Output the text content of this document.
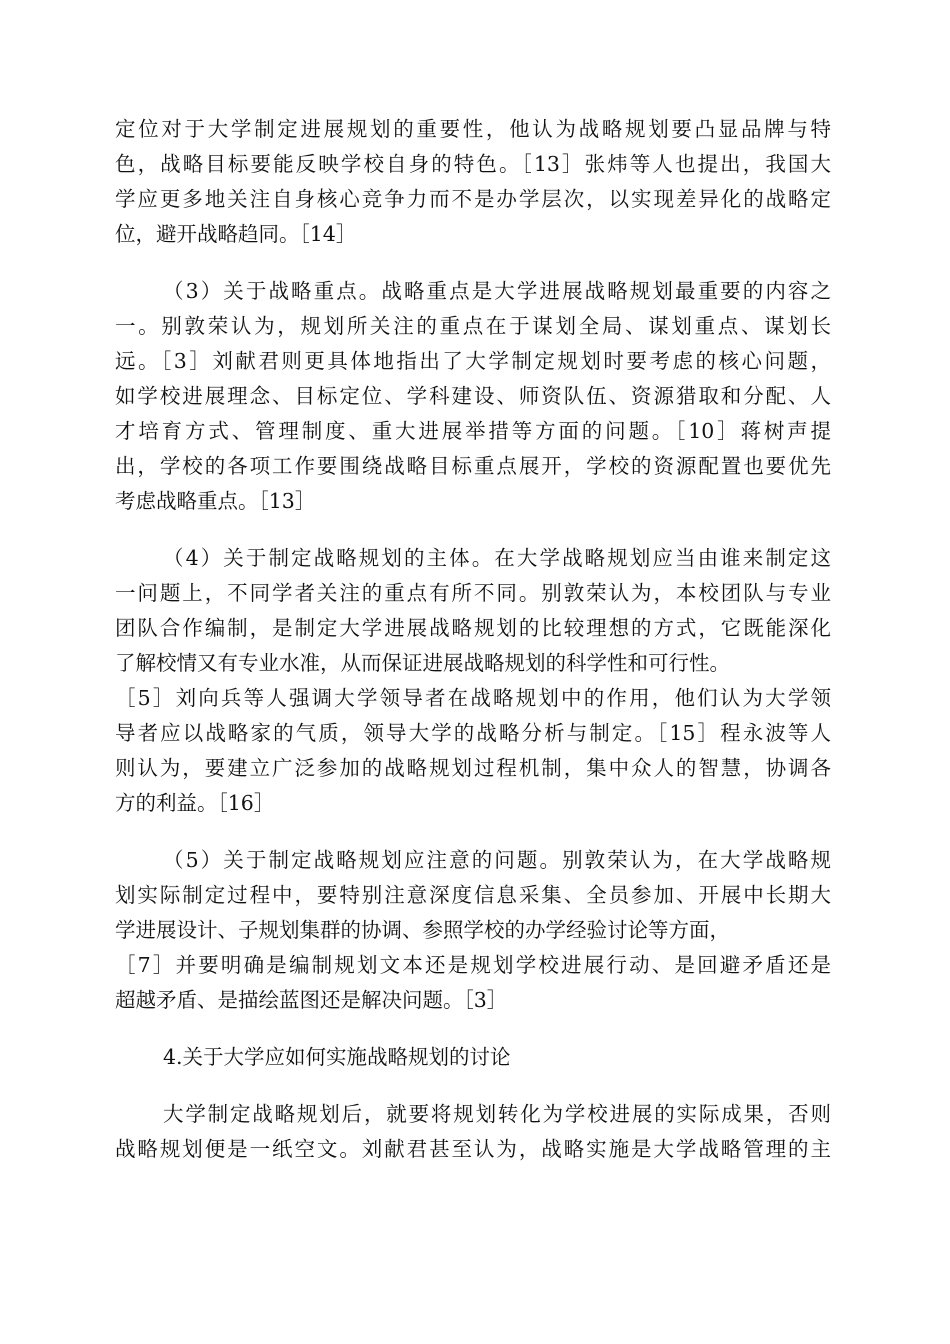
定位对于大学制定进展规划的重要性，他认为战略规划要凸显品牌与特
色，战略目标要能反映学校自身的特色。［13］张炜等人也提出，我国大
学应更多地关注自身核心竞争力而不是办学层次，以实现差异化的战略定
位，避开战略趋同。［14］
（3）关于战略重点。战略重点是大学进展战略规划最重要的内容之
一。别敦荣认为，规划所关注的重点在于谋划全局、谋划重点、谋划长
远。［3］刘献君则更具体地指出了大学制定规划时要考虑的核心问题，
如学校进展理念、目标定位、学科建设、师资队伍、资源猎取和分配、人
才培育方式、管理制度、重大进展举措等方面的问题。［10］蒋树声提
出，学校的各项工作要围绕战略目标重点展开，学校的资源配置也要优先
考虑战略重点。［13］
（4）关于制定战略规划的主体。在大学战略规划应当由谁来制定这
一问题上，不同学者关注的重点有所不同。别敦荣认为，本校团队与专业
团队合作编制，是制定大学进展战略规划的比较理想的方式，它既能深化
了解校情又有专业水准，从而保证进展战略规划的科学性和可行性。
［5］刘向兵等人强调大学领导者在战略规划中的作用，他们认为大学领
导者应以战略家的气质，领导大学的战略分析与制定。［15］程永波等人
则认为，要建立广泛参加的战略规划过程机制，集中众人的智慧，协调各
方的利益。［16］
（5）关于制定战略规划应注意的问题。别敦荣认为，在大学战略规
划实际制定过程中，要特别注意深度信息采集、全员参加、开展中长期大
学进展设计、子规划集群的协调、参照学校的办学经验讨论等方面，
［7］并要明确是编制规划文本还是规划学校进展行动、是回避矛盾还是
超越矛盾、是描绘蓝图还是解决问题。［3］
4.关于大学应如何实施战略规划的讨论
大学制定战略规划后，就要将规划转化为学校进展的实际成果，否则
战略规划便是一纸空文。刘献君甚至认为，战略实施是大学战略管理的主
